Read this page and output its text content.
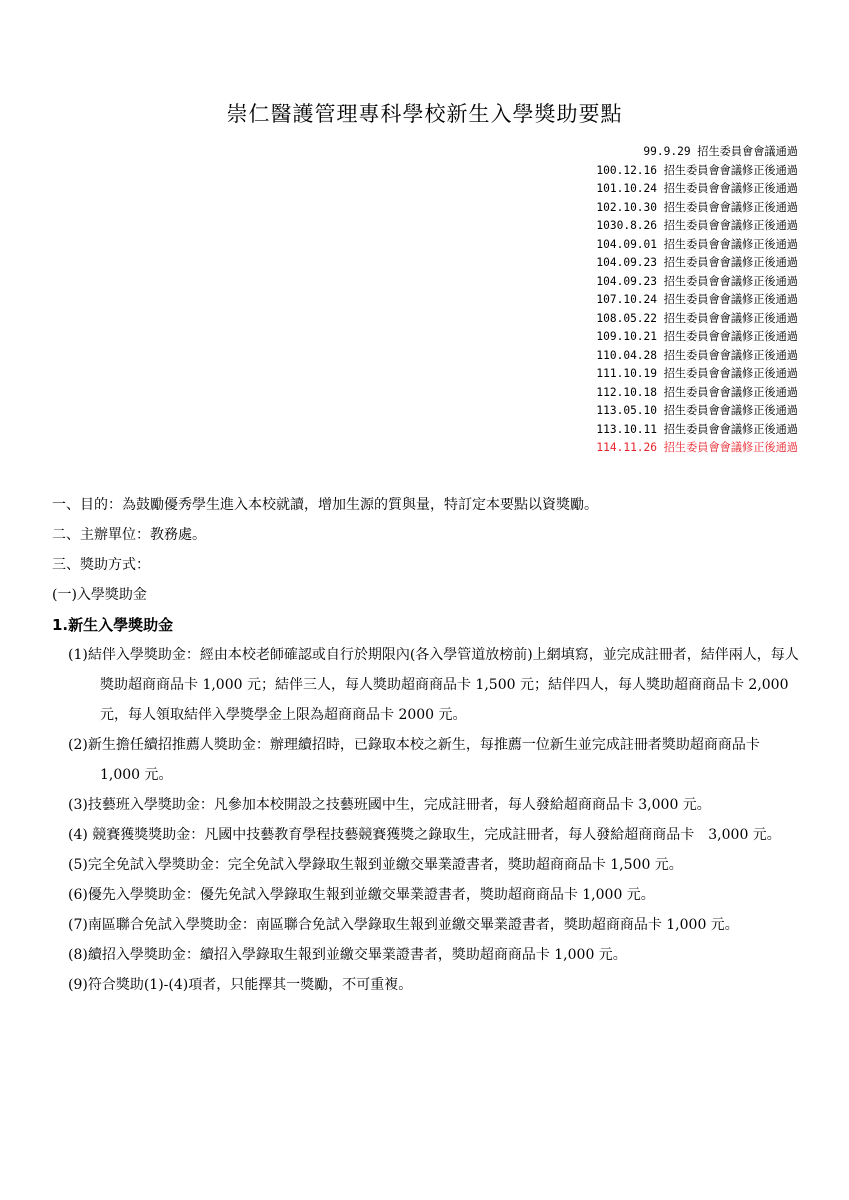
崇仁醫護管理專科學校新生入學獎助要點
99.9.29 招生委員會會議通過
100.12.16 招生委員會會議修正後通過
101.10.24 招生委員會會議修正後通過
102.10.30 招生委員會會議修正後通過
1030.8.26 招生委員會會議修正後通過
104.09.01 招生委員會會議修正後通過
104.09.23 招生委員會會議修正後通過
104.09.23 招生委員會會議修正後通過
107.10.24 招生委員會會議修正後通過
108.05.22 招生委員會會議修正後通過
109.10.21 招生委員會會議修正後通過
110.04.28 招生委員會會議修正後通過
111.10.19 招生委員會會議修正後通過
112.10.18 招生委員會會議修正後通過
113.05.10 招生委員會會議修正後通過
113.10.11 招生委員會會議修正後通過
114.11.26 招生委員會會議修正後通過
一、目的：為鼓勵優秀學生進入本校就讀，增加生源的質與量，特訂定本要點以資獎勵。
二、主辦單位：教務處。
三、獎助方式：
(一)入學獎助金
1.新生入學獎助金

(1)結伴入學獎助金：經由本校老師確認或自行於期限內(各入學管道放榜前)上網填寫，並完成註冊者，結伴兩人，每人獎助超商商品卡 1,000 元；結伴三人，每人獎助超商商品卡 1,500 元；結伴四人，每人獎助超商商品卡 2,000 元，每人領取結伴入學獎學金上限為超商商品卡 2000 元。

(2)新生擔任續招推薦人獎助金：辦理續招時，已錄取本校之新生，每推薦一位新生並完成註冊者獎助超商商品卡 1,000 元。

(3)技藝班入學獎助金：凡參加本校開設之技藝班國中生，完成註冊者，每人發給超商商品卡 3,000 元。

(4) 競賽獲獎獎助金：凡國中技藝教育學程技藝競賽獲獎之錄取生，完成註冊者，每人發給超商商品卡　3,000 元。

(5)完全免試入學獎助金：完全免試入學錄取生報到並繳交畢業證書者，獎助超商商品卡 1,500 元。

(6)優先入學獎助金：優先免試入學錄取生報到並繳交畢業證書者，獎助超商商品卡 1,000 元。

(7)南區聯合免試入學獎助金：南區聯合免試入學錄取生報到並繳交畢業證書者，獎助超商商品卡 1,000 元。

(8)續招入學獎助金：續招入學錄取生報到並繳交畢業證書者，獎助超商商品卡 1,000 元。

(9)符合獎助(1)-(4)項者，只能擇其一獎勵，不可重複。
